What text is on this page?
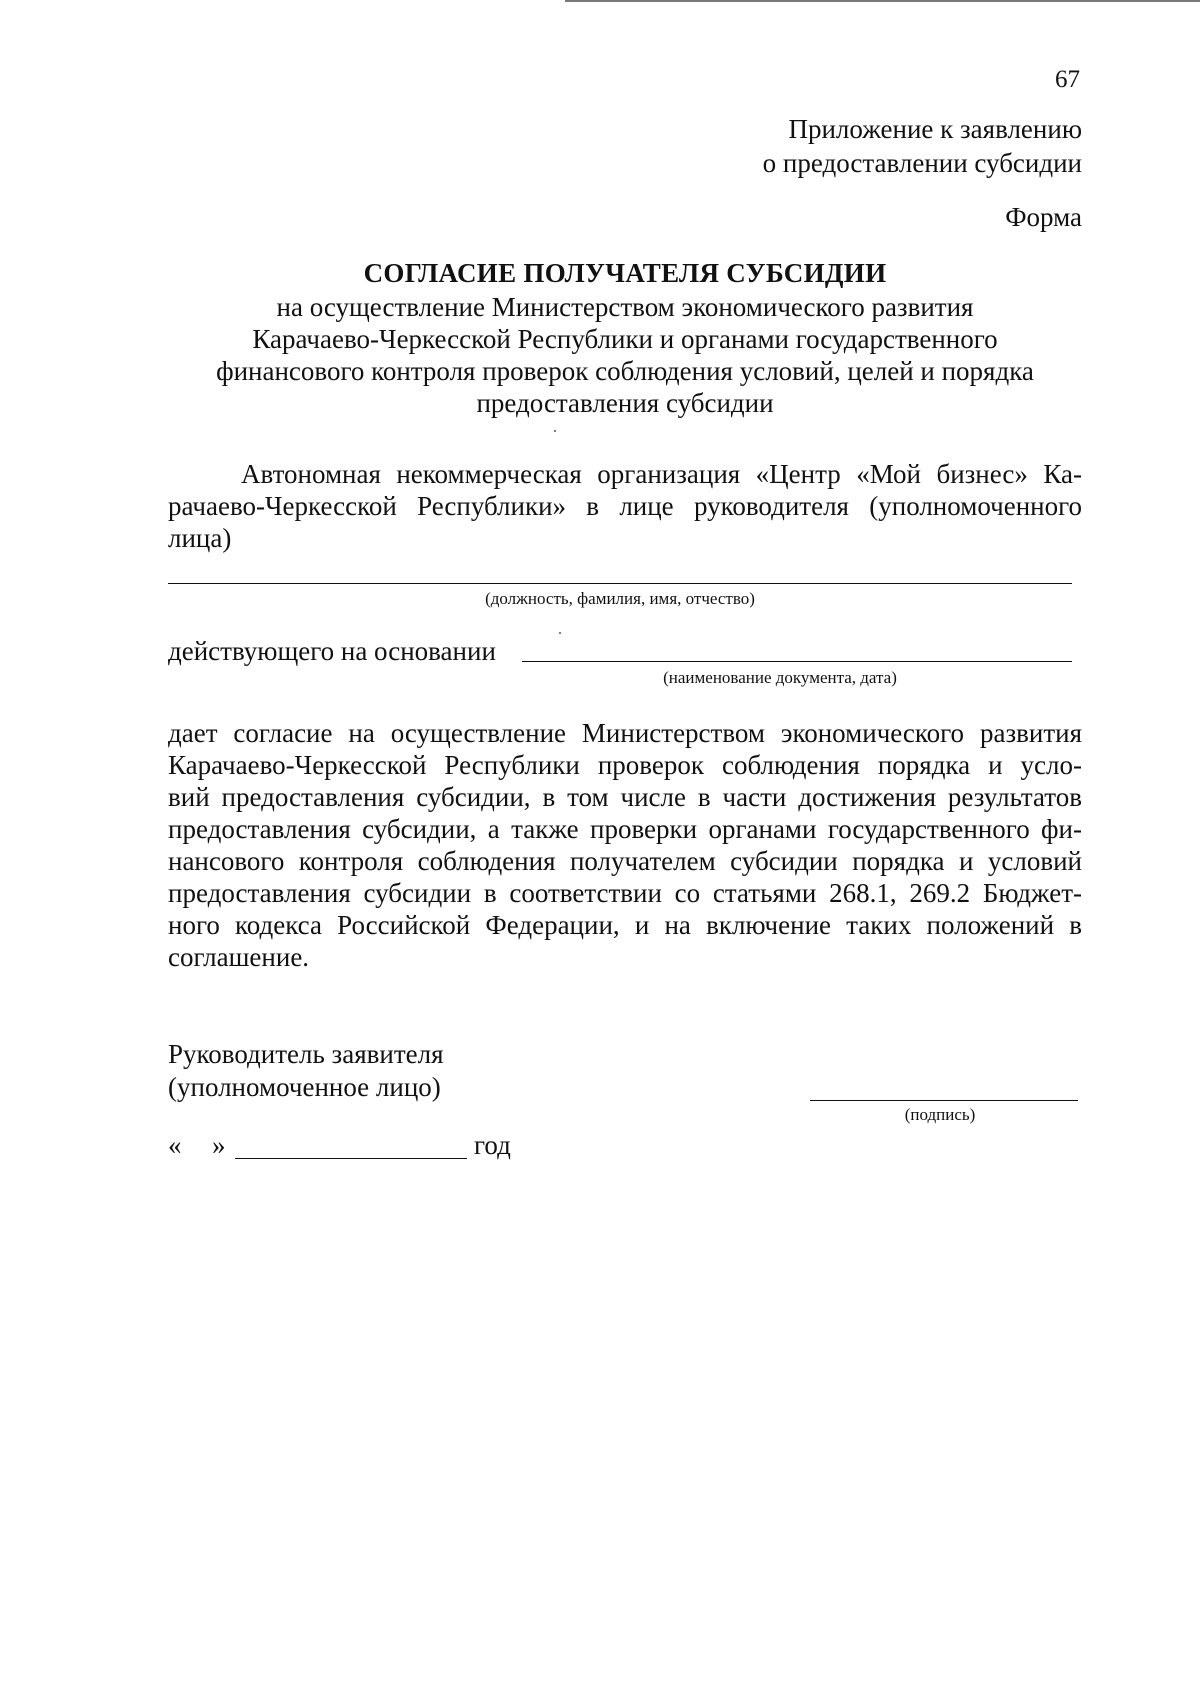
67
Приложение к заявлению
о предоставлении субсидии
Форма
СОГЛАСИЕ ПОЛУЧАТЕЛЯ СУБСИДИИ
на осуществление Министерством экономического развития
Карачаево-Черкесской Республики и органами государственного
финансового контроля проверок соблюдения условий, целей и порядка
предоставления субсидии
Автономная некоммерческая организация «Центр «Мой бизнес» Ка-
рачаево-Черкесской Республики» в лице руководителя (уполномоченного
лица)
(должность, фамилия, имя, отчество)
действующего на основании
(наименование документа, дата)
дает согласие на осуществление Министерством экономического развития
Карачаево-Черкесской Республики проверок соблюдения порядка и усло-
вий предоставления субсидии, в том числе в части достижения результатов
предоставления субсидии, а также проверки органами государственного фи-
нансового контроля соблюдения получателем субсидии порядка и условий
предоставления субсидии в соответствии со статьями 268.1, 269.2 Бюджет-
ного кодекса Российской Федерации, и на включение таких положений в
соглашение.
Руководитель заявителя
(уполномоченное лицо)
(подпись)
« »	год
